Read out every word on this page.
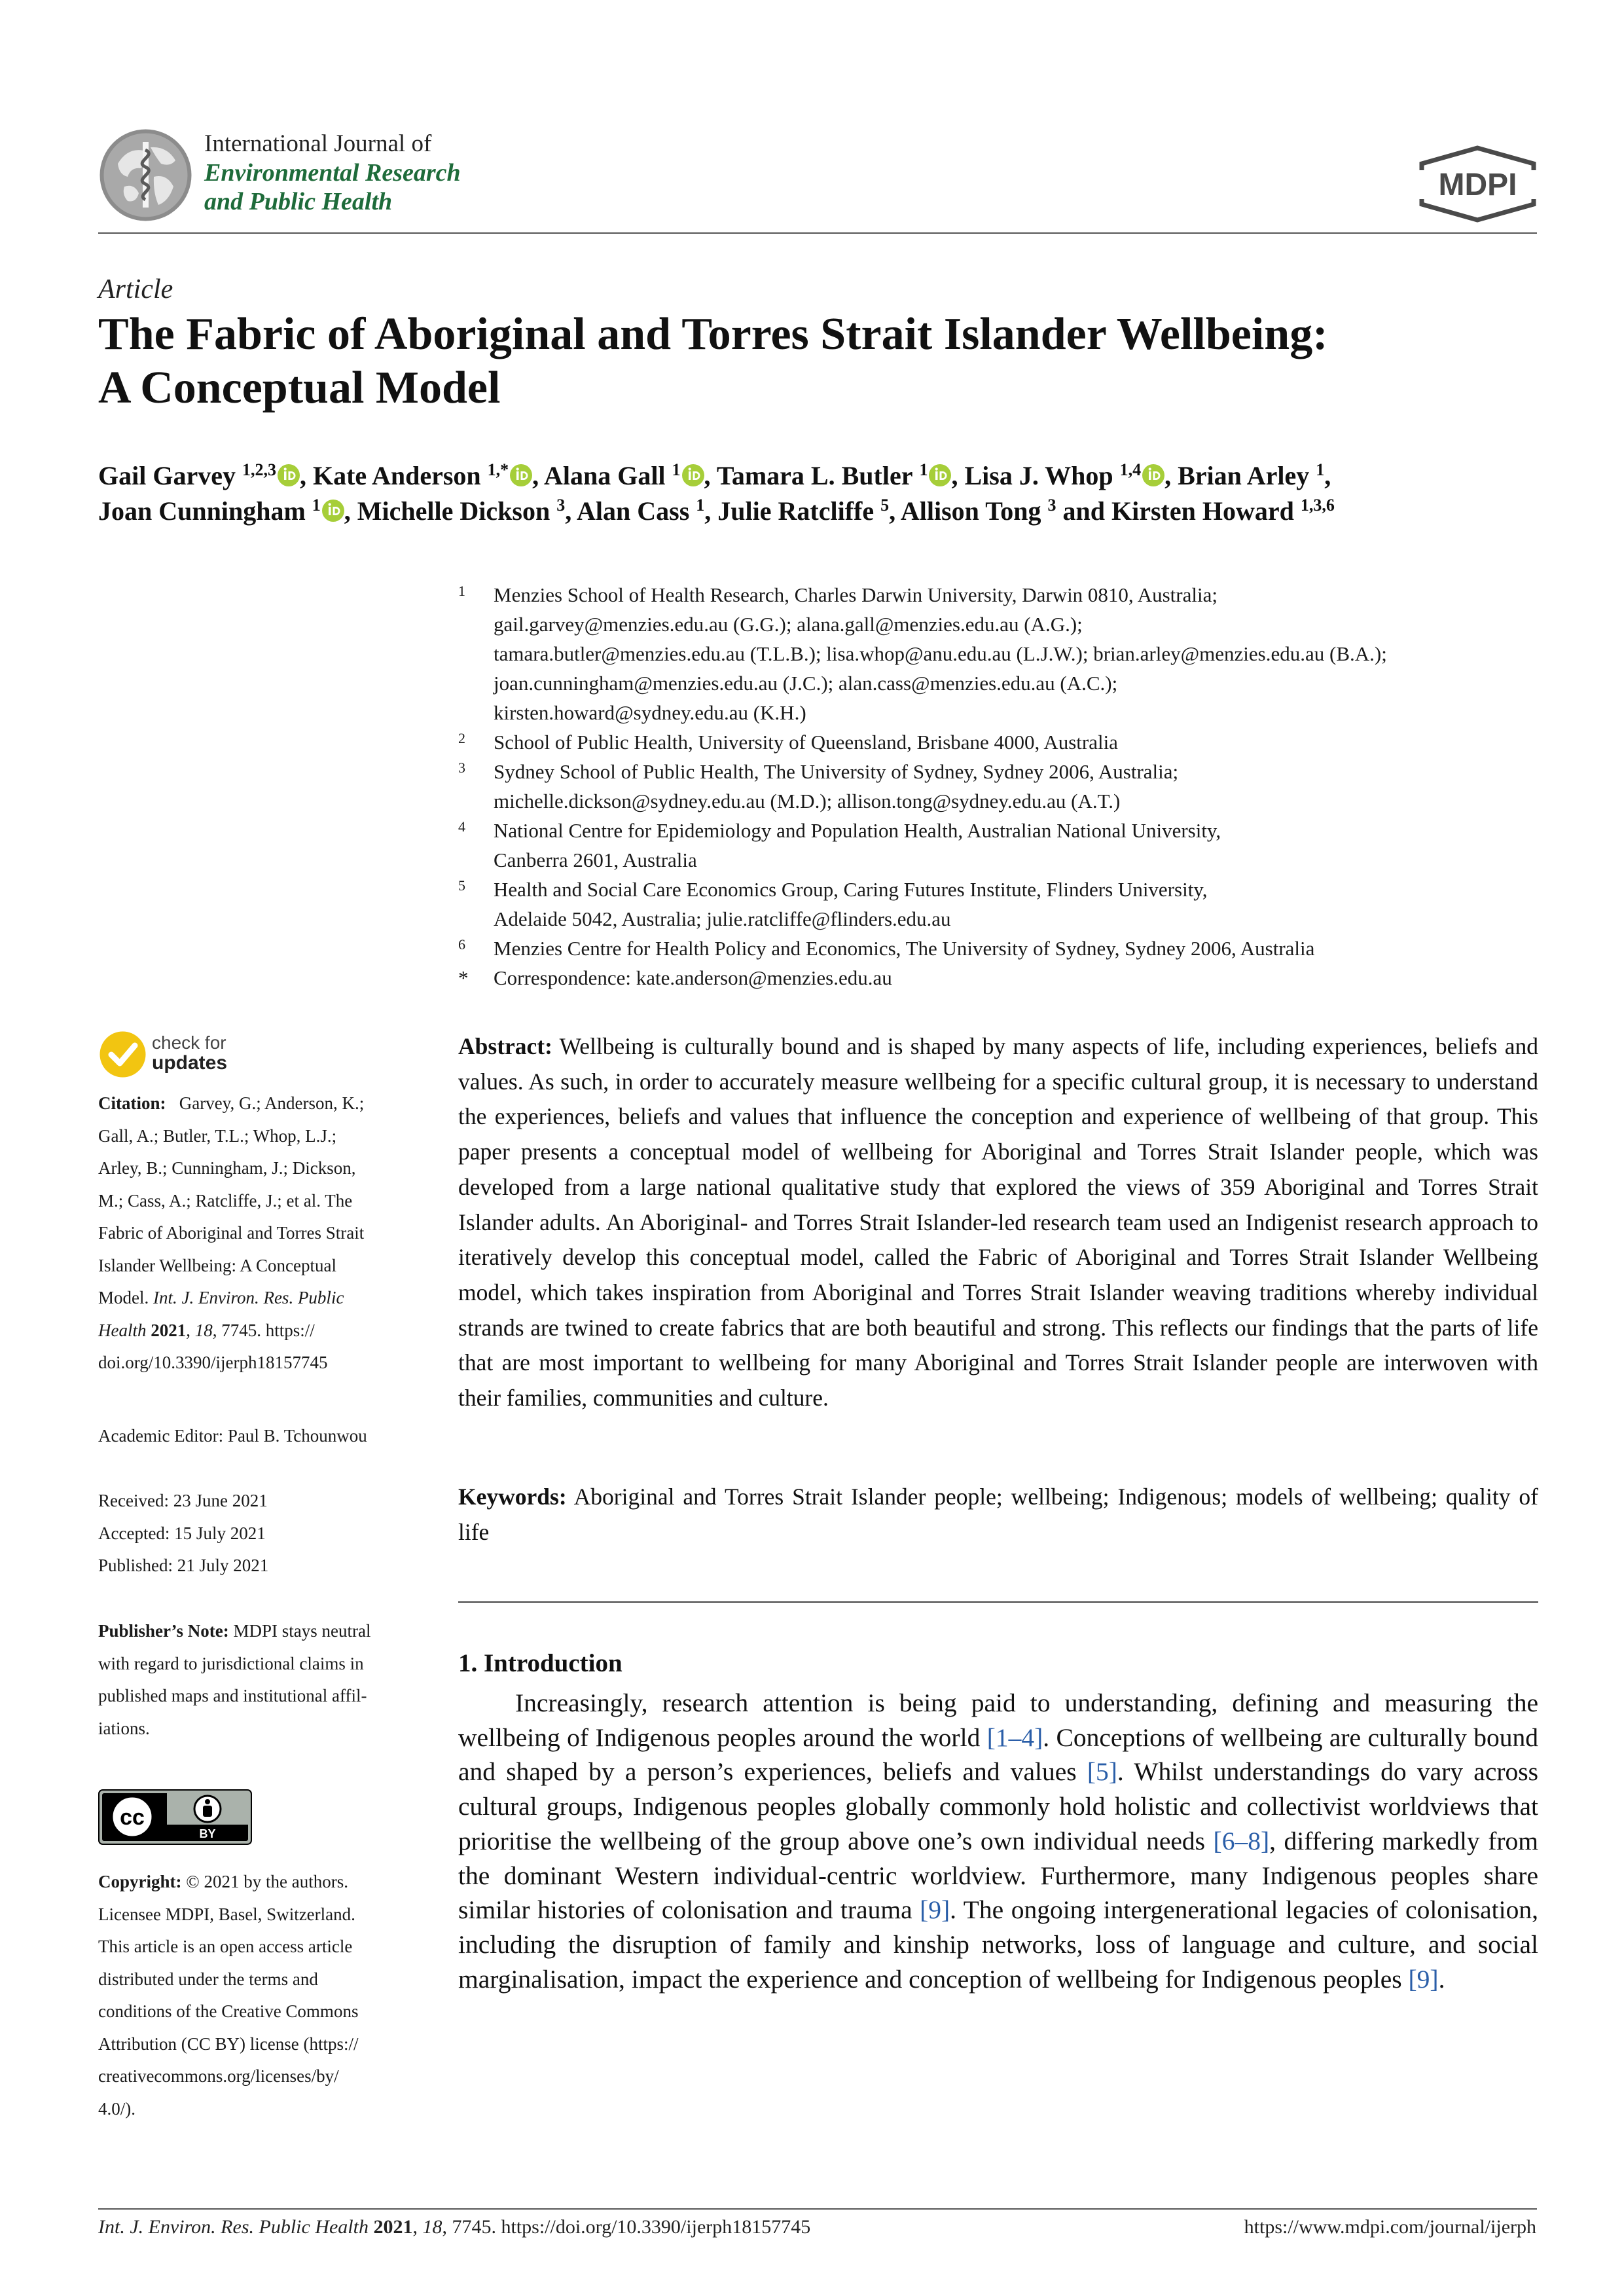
International Journal of
Environmental Research
and Public Health	MDPI
Article
The Fabric of Aboriginal and Torres Strait Islander Wellbeing:
A Conceptual Model
Gail Garvey $^{1,2,3}$ , Kate Anderson $^{1,*}$ , Alana Gall $^1$ , Tamara L. Butler $^1$ , Lisa J. Whop $^{1,4}$ , Brian Arley $^1$,
Joan Cunningham $^1$ , Michelle Dickson $^3$, Alan Cass $^1$, Julie Ratcliffe $^5$, Allison Tong $^3$ and Kirsten Howard $^{1,3,6}$
1 Menzies School of Health Research, Charles Darwin University, Darwin 0810, Australia;
gail.garvey@menzies.edu.au (G.G.); alana.gall@menzies.edu.au (A.G.);
tamara.butler@menzies.edu.au (T.L.B.); lisa.whop@anu.edu.au (L.J.W.); brian.arley@menzies.edu.au (B.A.);
joan.cunningham@menzies.edu.au (J.C.); alan.cass@menzies.edu.au (A.C.);
kirsten.howard@sydney.edu.au (K.H.)
2 School of Public Health, University of Queensland, Brisbane 4000, Australia
3 Sydney School of Public Health, The University of Sydney, Sydney 2006, Australia;
michelle.dickson@sydney.edu.au (M.D.); allison.tong@sydney.edu.au (A.T.)
4 National Centre for Epidemiology and Population Health, Australian National University,
Canberra 2601, Australia
5 Health and Social Care Economics Group, Caring Futures Institute, Flinders University,
Adelaide 5042, Australia; julie.ratcliffe@flinders.edu.au
6 Menzies Centre for Health Policy and Economics, The University of Sydney, Sydney 2006, Australia
* Correspondence: kate.anderson@menzies.edu.au
check for
updates
Citation: Garvey, G.; Anderson, K.;
Gall, A.; Butler, T.L.; Whop, L.J.;
Arley, B.; Cunningham, J.; Dickson,
M.; Cass, A.; Ratcliffe, J.; et al. The
Fabric of Aboriginal and Torres Strait
Islander Wellbeing: A Conceptual
Model. Int. J. Environ. Res. Public
Health 2021, 18, 7745. https://
doi.org/10.3390/ijerph18157745
Academic Editor: Paul B. Tchounwou
Received: 23 June 2021
Accepted: 15 July 2021
Published: 21 July 2021
Publisher’s Note: MDPI stays neutral
with regard to jurisdictional claims in
published maps and institutional affil-
iations.
cc
BY
Copyright: © 2021 by the authors.
Licensee MDPI, Basel, Switzerland.
This article is an open access article
distributed under the terms and
conditions of the Creative Commons
Attribution (CC BY) license (https://
creativecommons.org/licenses/by/
4.0/).
Abstract: Wellbeing is culturally bound and is shaped by many aspects of life, including experiences, beliefs and values. As such, in order to accurately measure wellbeing for a specific cultural group, it is necessary to understand the experiences, beliefs and values that influence the conception and experience of wellbeing of that group. This paper presents a conceptual model of wellbeing for Aboriginal and Torres Strait Islander people, which was developed from a large national qualitative study that explored the views of 359 Aboriginal and Torres Strait Islander adults. An Aboriginal- and Torres Strait Islander-led research team used an Indigenist research approach to iteratively develop this conceptual model, called the Fabric of Aboriginal and Torres Strait Islander Wellbeing model, which takes inspiration from Aboriginal and Torres Strait Islander weaving traditions whereby individual strands are twined to create fabrics that are both beautiful and strong. This reflects our findings that the parts of life that are most important to wellbeing for many Aboriginal and Torres Strait Islander people are interwoven with their families, communities and culture.
Keywords: Aboriginal and Torres Strait Islander people; wellbeing; Indigenous; models of wellbeing; quality of life
1. Introduction
Increasingly, research attention is being paid to understanding, defining and measuring the wellbeing of Indigenous peoples around the world [1–4]. Conceptions of wellbeing are culturally bound and shaped by a person’s experiences, beliefs and values [5]. Whilst understandings do vary across cultural groups, Indigenous peoples globally commonly hold holistic and collectivist worldviews that prioritise the wellbeing of the group above one’s own individual needs [6–8], differing markedly from the dominant Western individual-centric worldview. Furthermore, many Indigenous peoples share similar histories of colonisation and trauma [9]. The ongoing intergenerational legacies of colonisation, including the disruption of family and kinship networks, loss of language and culture, and social marginalisation, impact the experience and conception of wellbeing for Indigenous peoples [9].
Int. J. Environ. Res. Public Health 2021, 18, 7745. https://doi.org/10.3390/ijerph18157745	https://www.mdpi.com/journal/ijerph
